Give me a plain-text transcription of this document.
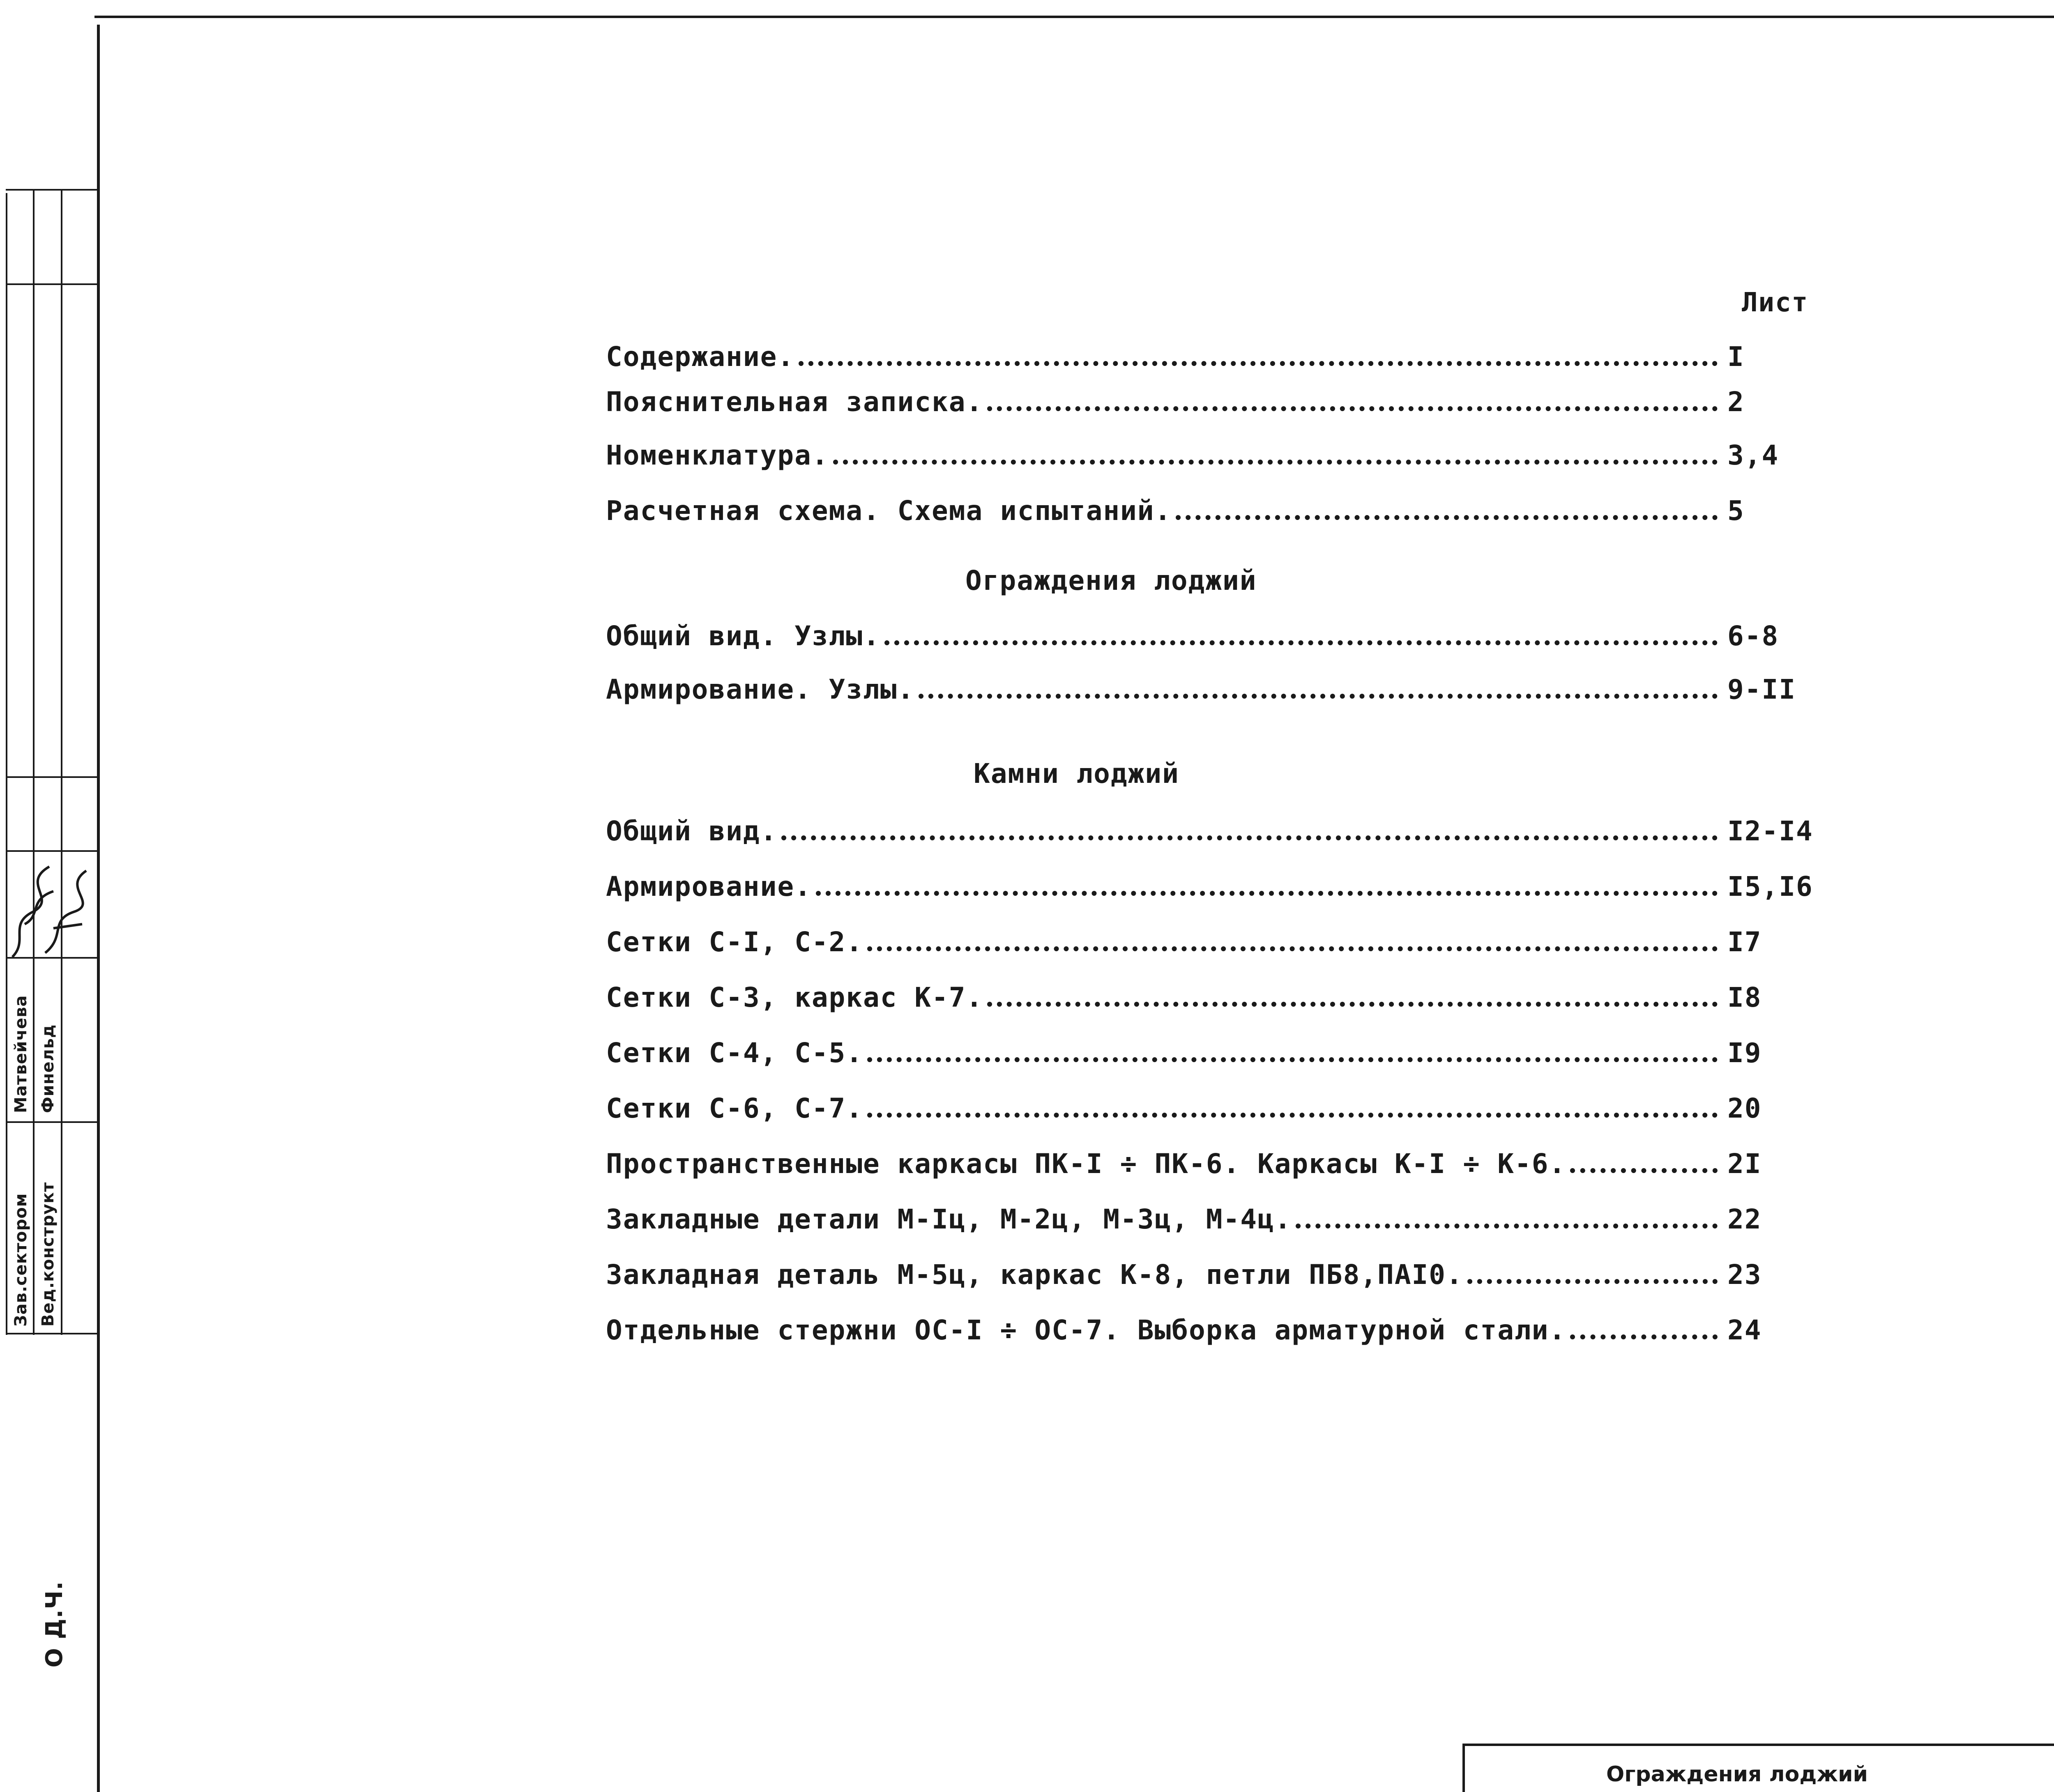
Зав.сектором Вед.конструкт
Матвейчева Финельд
О Д.Ч.
Лист
Содержание.	I
Пояснительная записка.	2
Номенклатура.	3,4
Расчетная схема. Схема испытаний.	5
Ограждения лоджий
Общий вид. Узлы.	6-8
Армирование. Узлы.	9-II
Камни лоджий
Общий вид.	I2-I4
Армирование.	I5,I6
Сетки С-I, С-2.	I7
Сетки С-3, каркас К-7.	I8
Сетки С-4, С-5.	I9
Сетки С-6, С-7.	20
Пространственные каркасы ПК-I ÷ ПК-6. Каркасы К-I ÷ К-6.	2I
Закладные детали М-Iц, М-2ц, М-3ц, М-4ц.	22
Закладная деталь М-5ц, каркас К-8, петли ПБ8,ПАI0.	23
Отдельные стержни ОС-I ÷ ОС-7. Выборка арматурной стали.	24
Ограждения лоджий
